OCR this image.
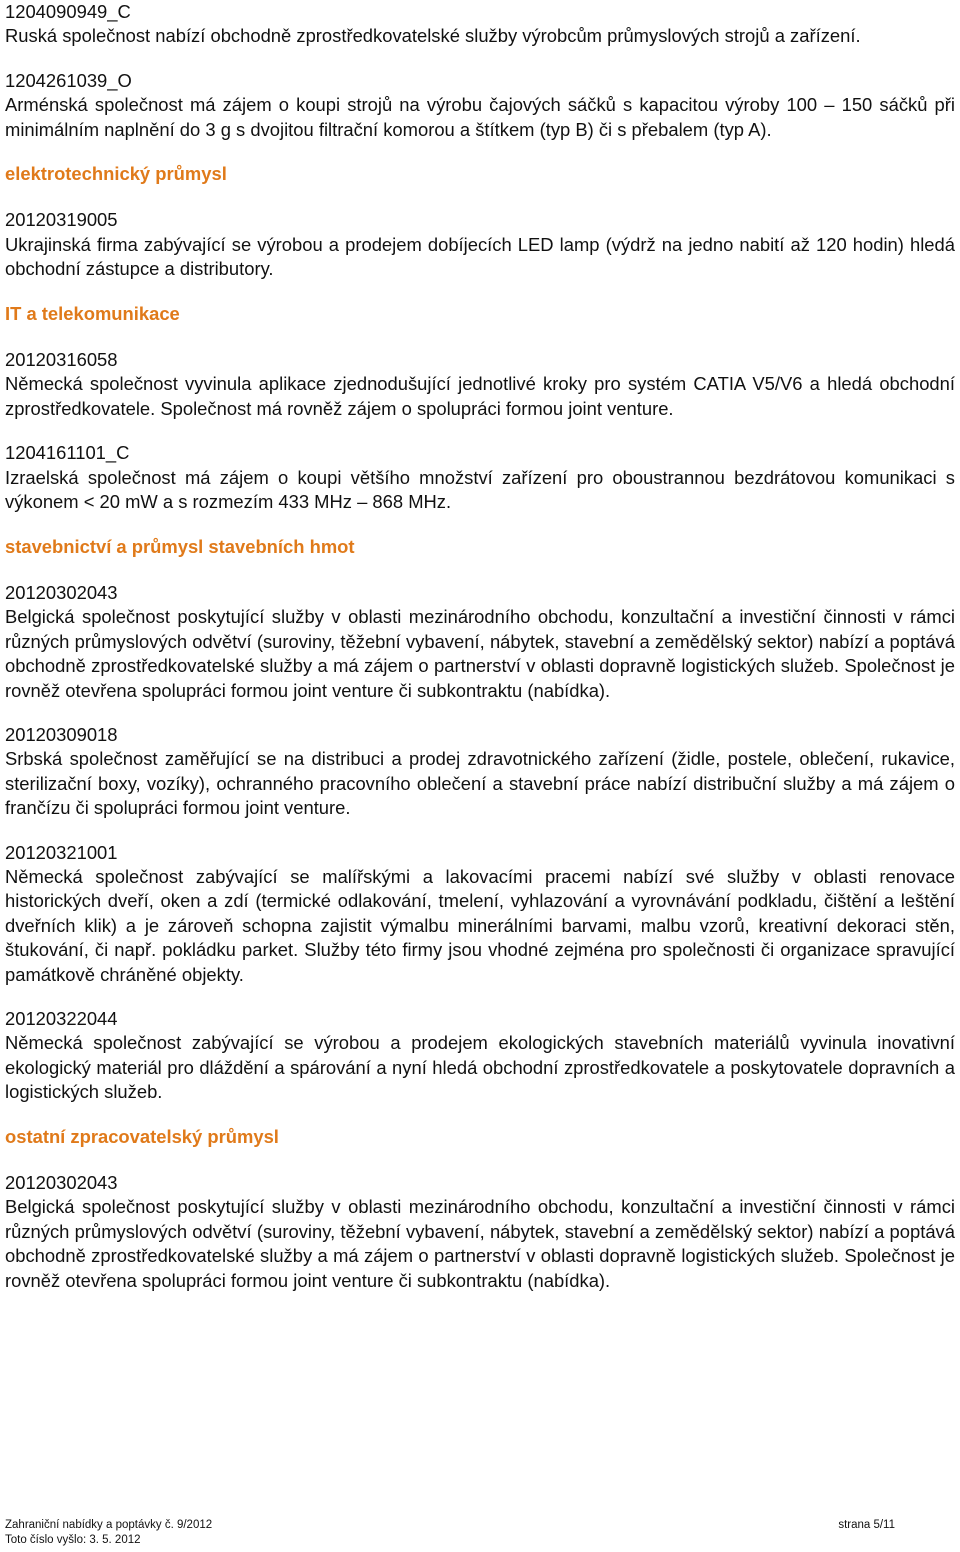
1204090949_C
Ruská společnost nabízí obchodně zprostředkovatelské služby výrobcům průmyslových strojů a zařízení.
1204261039_O
Arménská společnost má zájem o koupi strojů na výrobu čajových sáčků s kapacitou výroby 100 – 150 sáčků při minimálním naplnění do 3 g s dvojitou filtrační komorou a štítkem (typ B) či s přebalem (typ A).
elektrotechnický průmysl
20120319005
Ukrajinská firma zabývající se výrobou a prodejem dobíjecích LED lamp (výdrž na jedno nabití až 120 hodin) hledá obchodní zástupce a distributory.
IT a telekomunikace
20120316058
Německá společnost vyvinula aplikace zjednodušující jednotlivé kroky pro systém CATIA V5/V6 a hledá obchodní zprostředkovatele. Společnost má rovněž zájem o spolupráci formou joint venture.
1204161101_C
Izraelská společnost má zájem o koupi většího množství zařízení pro oboustrannou bezdrátovou komunikaci s výkonem < 20 mW a s rozmezím 433 MHz – 868 MHz.
stavebnictví a průmysl stavebních hmot
20120302043
Belgická společnost poskytující služby v oblasti mezinárodního obchodu, konzultační a investiční činnosti v rámci různých průmyslových odvětví (suroviny, těžební vybavení, nábytek, stavební a zemědělský sektor) nabízí a poptává obchodně zprostředkovatelské služby a má zájem o partnerství v oblasti dopravně logistických služeb. Společnost je rovněž otevřena spolupráci formou joint venture či subkontraktu (nabídka).
20120309018
Srbská společnost zaměřující se na distribuci a prodej zdravotnického zařízení (židle, postele, oblečení, rukavice, sterilizační boxy, vozíky), ochranného pracovního oblečení a stavební práce nabízí distribuční služby a má zájem o frančízu či spolupráci formou joint venture.
20120321001
Německá společnost zabývající se malířskými a lakovacími pracemi nabízí své služby v oblasti renovace historických dveří, oken a zdí (termické odlakování, tmelení, vyhlazování a vyrovnávání podkladu, čištění a leštění dveřních klik) a je zároveň schopna zajistit výmalbu minerálními barvami, malbu vzorů, kreativní dekoraci stěn, štukování, či např. pokládku parket. Služby této firmy jsou vhodné zejména pro společnosti či organizace spravující památkově chráněné objekty.
20120322044
Německá společnost zabývající se výrobou a prodejem ekologických stavebních materiálů vyvinula inovativní ekologický materiál pro dláždění a spárování a nyní hledá obchodní zprostředkovatele a poskytovatele dopravních a logistických služeb.
ostatní zpracovatelský průmysl
20120302043
Belgická společnost poskytující služby v oblasti mezinárodního obchodu, konzultační a investiční činnosti v rámci různých průmyslových odvětví (suroviny, těžební vybavení, nábytek, stavební a zemědělský sektor) nabízí a poptává obchodně zprostředkovatelské služby a má zájem o partnerství v oblasti dopravně logistických služeb. Společnost je rovněž otevřena spolupráci formou joint venture či subkontraktu (nabídka).
Zahraniční nabídky a poptávky č. 9/2012	strana 5/11
Toto číslo vyšlo: 3. 5. 2012
